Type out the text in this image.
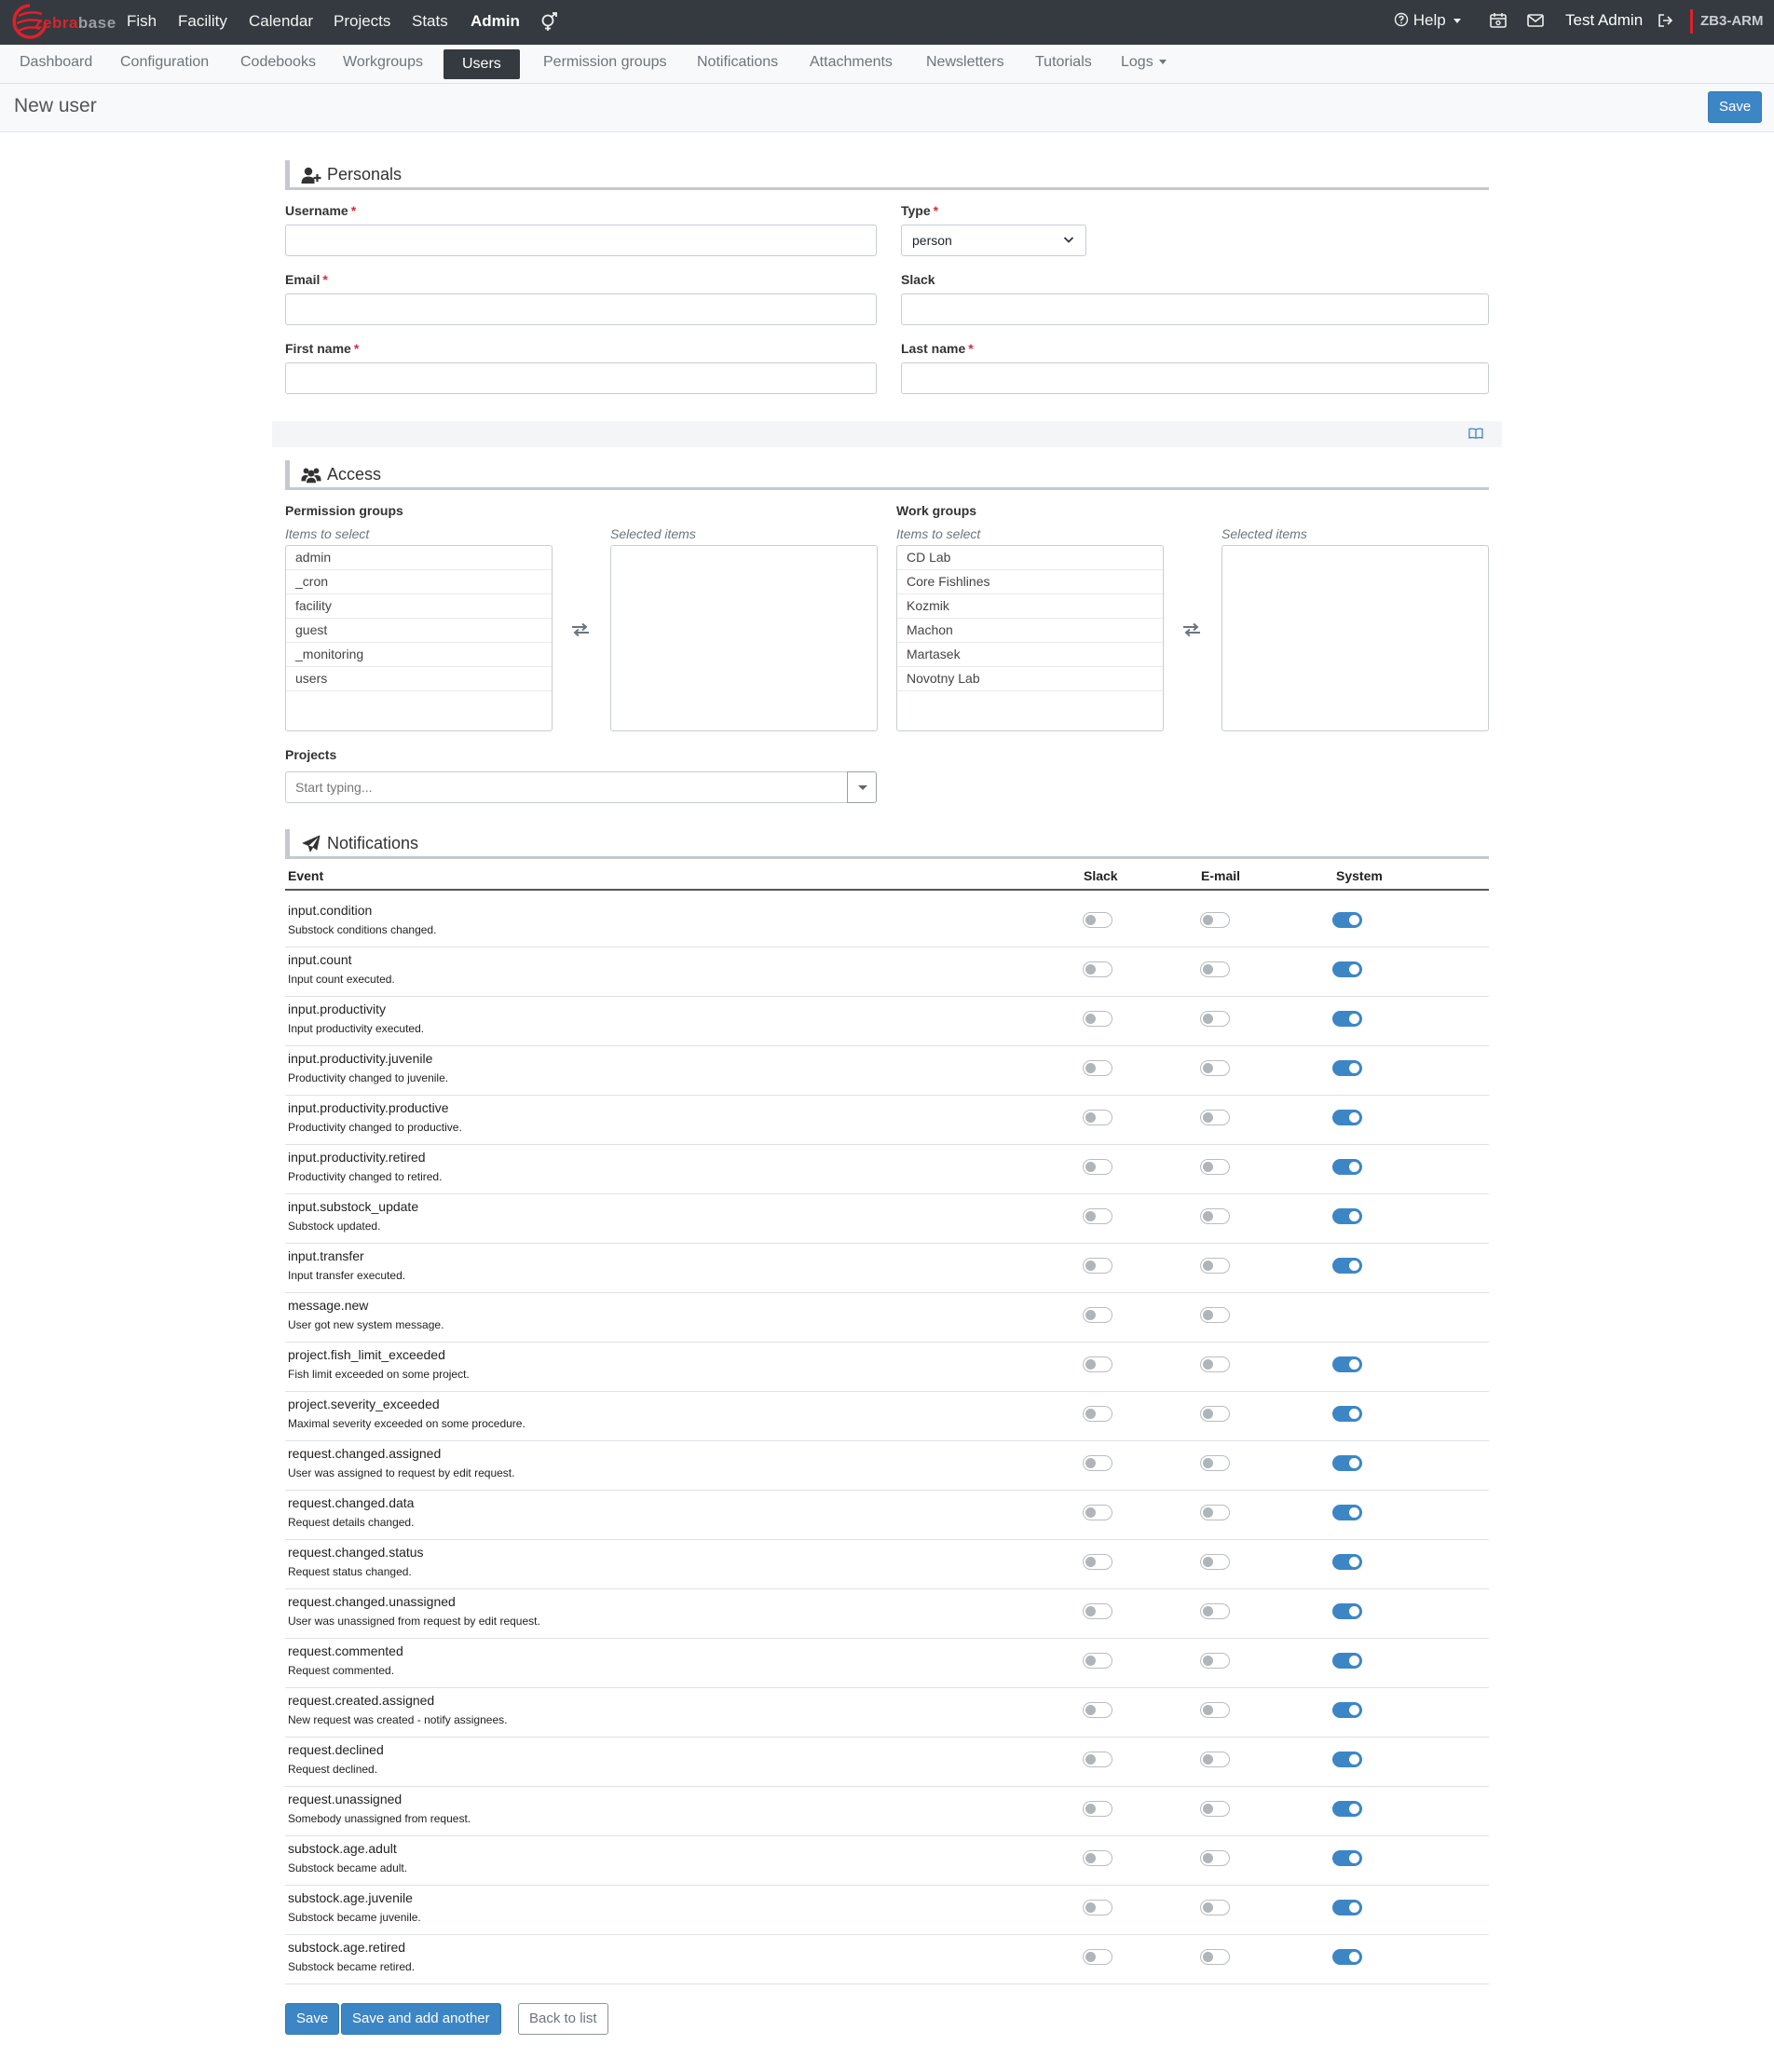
zebrabase Fish Facility Calendar Projects Stats Admin	Help	Test Admin	ZB3-ARM
Dashboard Configuration Codebooks Workgroups	Users	Permission groups Notifications Attachments Newsletters Tutorials Logs
New user	Save
Personals
Username *	Type *
person
Email *	Slack
First name *	Last name *
Access
Permission groups
Items to select
admin
_cron
facility
guest
_monitoring
users
Selected items
Work groups
Items to select
CD Lab
Core Fishlines
Kozmik
Machon
Martasek
Novotny Lab
Selected items
Projects
Start typing...
Notifications
Event	Slack	E-mail	System
input.condition
Substock conditions changed.
input.count
Input count executed.
input.productivity
Input productivity executed.
input.productivity.juvenile
Productivity changed to juvenile.
input.productivity.productive
Productivity changed to productive.
input.productivity.retired
Productivity changed to retired.
input.substock_update
Substock updated.
input.transfer
Input transfer executed.
message.new
User got new system message.
project.fish_limit_exceeded
Fish limit exceeded on some project.
project.severity_exceeded
Maximal severity exceeded on some procedure.
request.changed.assigned
User was assigned to request by edit request.
request.changed.data
Request details changed.
request.changed.status
Request status changed.
request.changed.unassigned
User was unassigned from request by edit request.
request.commented
Request commented.
request.created.assigned
New request was created - notify assignees.
request.declined
Request declined.
request.unassigned
Somebody unassigned from request.
substock.age.adult
Substock became adult.
substock.age.juvenile
Substock became juvenile.
substock.age.retired
Substock became retired.
Save	Save and add another	Back to list
